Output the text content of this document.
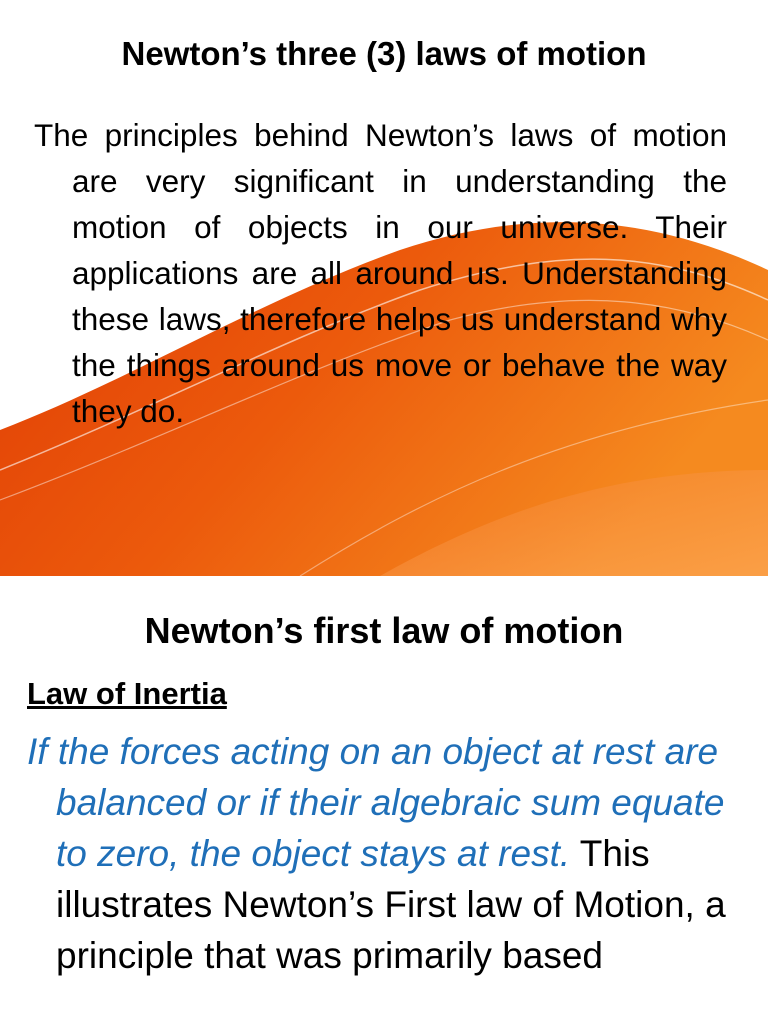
Newton’s three (3) laws of motion

The principles behind Newton’s laws of motion are very significant in understanding the motion of objects in our universe. Their applications are all around us. Understanding these laws, therefore helps us understand why the things around us move or behave the way they do.

Newton’s first law of motion

Law of Inertia

If the forces acting on an object at rest are balanced or if their algebraic sum equate to zero, the object stays at rest. This illustrates Newton’s First law of Motion, a principle that was primarily based
